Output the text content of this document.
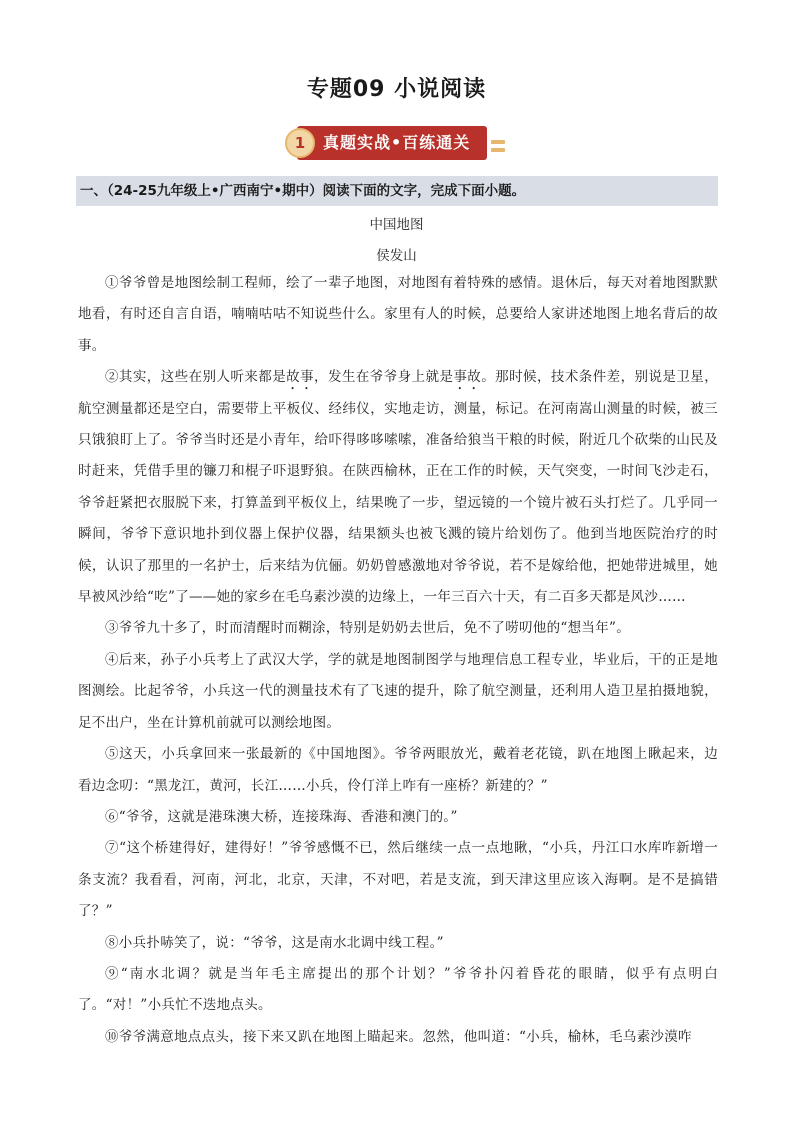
专题09 小说阅读
1	真题实战•百练通关
一、（24-25九年级上•广西南宁•期中）阅读下面的文字，完成下面小题。
中国地图
侯发山

①爷爷曾是地图绘制工程师，绘了一辈子地图，对地图有着特殊的感情。退休后，每天对着地图默默地看，有时还自言自语，喃喃咕咕不知说些什么。家里有人的时候，总要给人家讲述地图上地名背后的故事。

②其实，这些在别人听来都是故事，发生在爷爷身上就是事故。那时候，技术条件差，别说是卫星，航空测量都还是空白，需要带上平板仪、经纬仪，实地走访，测量，标记。在河南嵩山测量的时候，被三只饿狼盯上了。爷爷当时还是小青年，给吓得哆哆嗦嗦，准备给狼当干粮的时候，附近几个砍柴的山民及时赶来，凭借手里的镰刀和棍子吓退野狼。在陕西榆林，正在工作的时候，天气突变，一时间飞沙走石，爷爷赶紧把衣服脱下来，打算盖到平板仪上，结果晚了一步，望远镜的一个镜片被石头打烂了。几乎同一瞬间，爷爷下意识地扑到仪器上保护仪器，结果额头也被飞溅的镜片给划伤了。他到当地医院治疗的时候，认识了那里的一名护士，后来结为伉俪。奶奶曾感激地对爷爷说，若不是嫁给他，把她带进城里，她早被风沙给“吃”了——她的家乡在毛乌素沙漠的边缘上，一年三百六十天，有二百多天都是风沙……

③爷爷九十多了，时而清醒时而糊涂，特别是奶奶去世后，免不了唠叨他的“想当年”。

④后来，孙子小兵考上了武汉大学，学的就是地图制图学与地理信息工程专业，毕业后，干的正是地图测绘。比起爷爷，小兵这一代的测量技术有了飞速的提升，除了航空测量，还利用人造卫星拍摄地貌，足不出户，坐在计算机前就可以测绘地图。

⑤这天，小兵拿回来一张最新的《中国地图》。爷爷两眼放光，戴着老花镜，趴在地图上瞅起来，边看边念叨：“黑龙江，黄河，长江……小兵，伶仃洋上咋有一座桥？新建的？”

⑥“爷爷，这就是港珠澳大桥，连接珠海、香港和澳门的。”

⑦“这个桥建得好，建得好！”爷爷感慨不已，然后继续一点一点地瞅，“小兵，丹江口水库咋新增一条支流？我看看，河南，河北，北京，天津，不对吧，若是支流，到天津这里应该入海啊。是不是搞错了？”

⑧小兵扑哧笑了，说：“爷爷，这是南水北调中线工程。”

⑨“南水北调？就是当年毛主席提出的那个计划？”爷爷扑闪着昏花的眼睛，似乎有点明白了。“对！”小兵忙不迭地点头。

⑩爷爷满意地点点头，接下来又趴在地图上瞄起来。忽然，他叫道：“小兵，榆林，毛乌素沙漠咋
